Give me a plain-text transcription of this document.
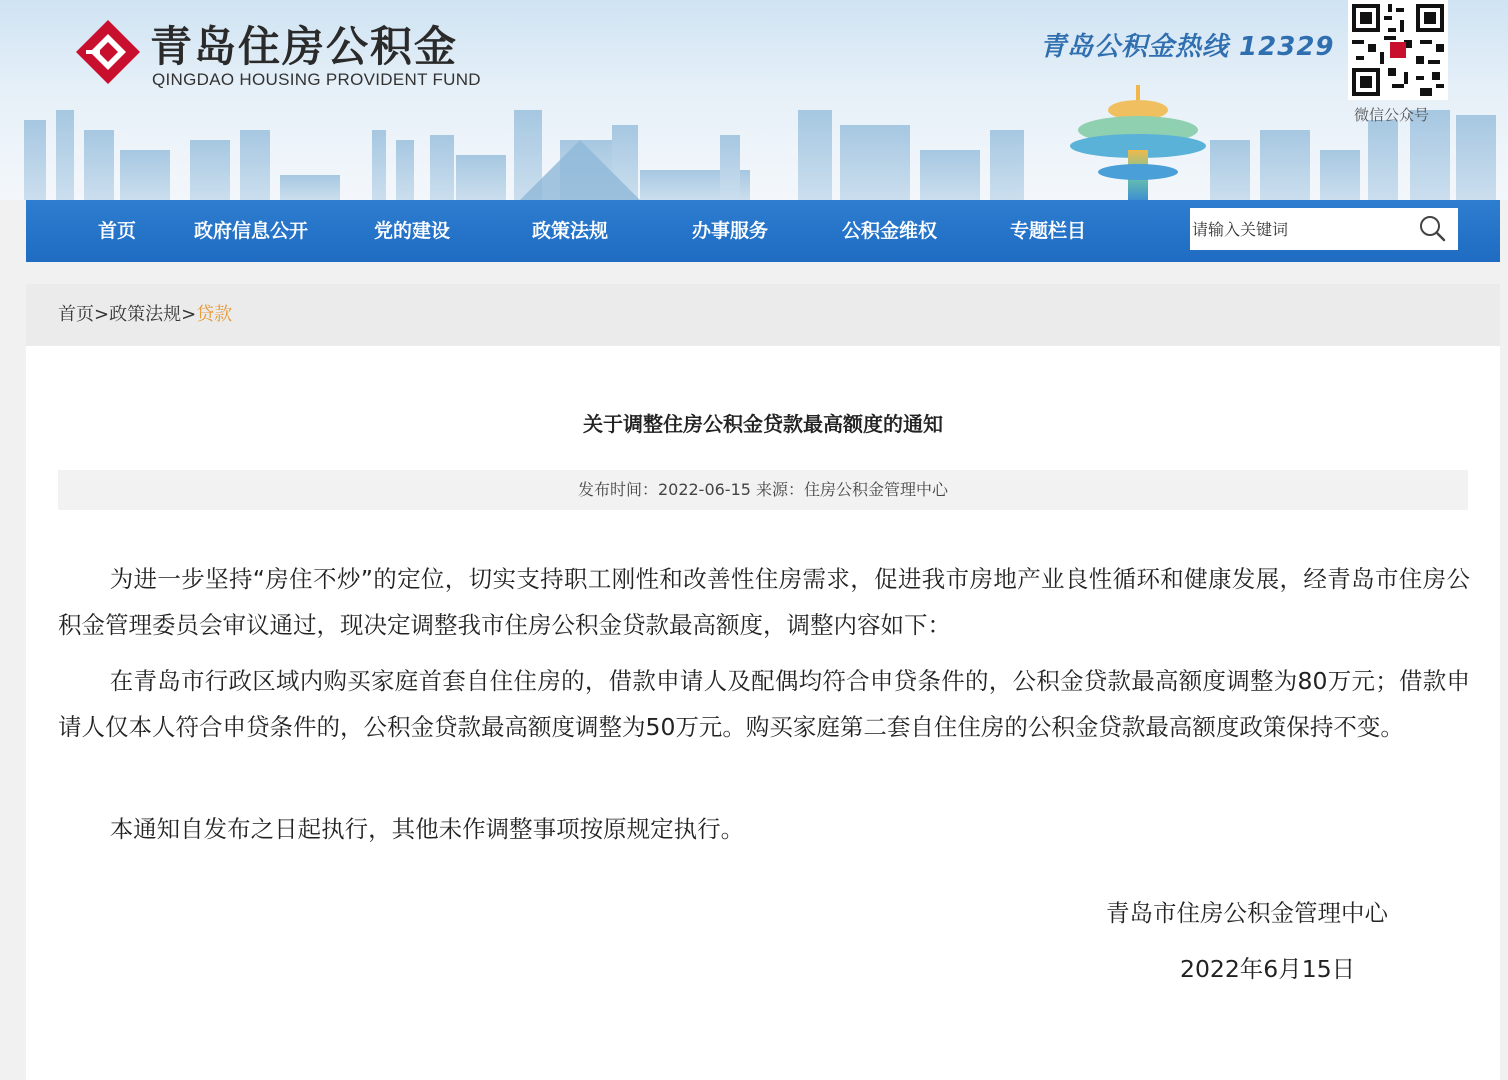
青岛住房公积金
QINGDAO HOUSING PROVIDENT FUND
青岛公积金热线 12329
微信公众号
首页	政府信息公开	党的建设	政策法规	办事服务	公积金维权	专题栏目
请输入关键词
首页>政策法规>贷款
关于调整住房公积金贷款最高额度的通知
发布时间：2022-06-15 来源：住房公积金管理中心

为进一步坚持“房住不炒”的定位，切实支持职工刚性和改善性住房需求，促进我市房地产业良性循环和健康发展，经青岛市住房公积金管理委员会审议通过，现决定调整我市住房公积金贷款最高额度，调整内容如下：

在青岛市行政区域内购买家庭首套自住住房的，借款申请人及配偶均符合申贷条件的，公积金贷款最高额度调整为80万元；借款申请人仅本人符合申贷条件的，公积金贷款最高额度调整为50万元。购买家庭第二套自住住房的公积金贷款最高额度政策保持不变。

本通知自发布之日起执行，其他未作调整事项按原规定执行。

青岛市住房公积金管理中心
2022年6月15日
